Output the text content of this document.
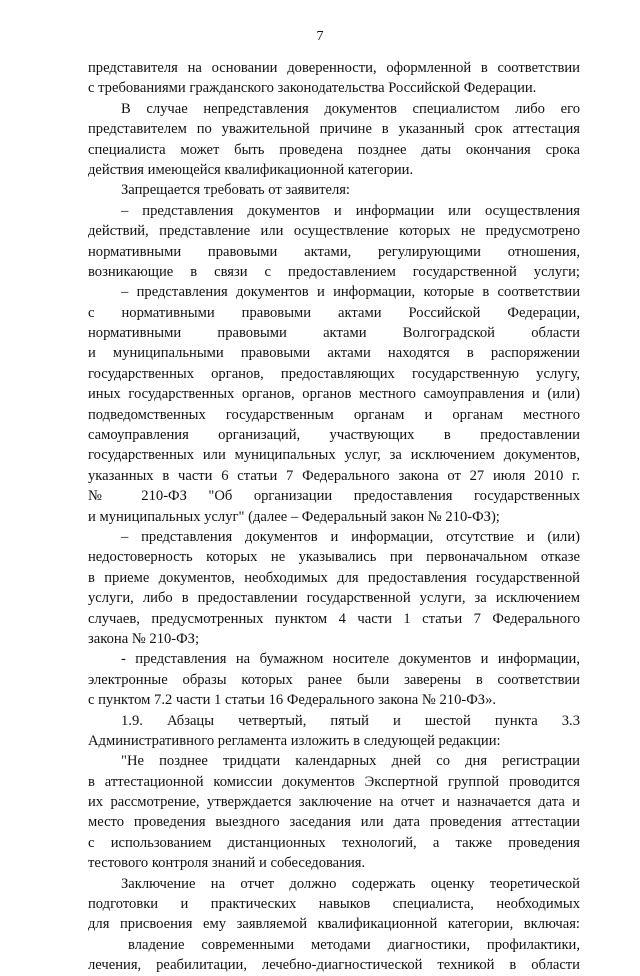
7
представителя на основании доверенности, оформленной в соответствии
с требованиями гражданского законодательства Российской Федерации.
В случае непредставления документов специалистом либо его
представителем по уважительной причине в указанный срок аттестация
специалиста может быть проведена позднее даты окончания срока
действия имеющейся квалификационной категории.
Запрещается требовать от заявителя:
– представления документов и информации или осуществления
действий, представление или осуществление которых не предусмотрено
нормативными правовыми актами, регулирующими отношения,
возникающие в связи с предоставлением государственной услуги;
– представления документов и информации, которые в соответствии
с нормативными правовыми актами Российской Федерации,
нормативными правовыми актами Волгоградской области
и муниципальными правовыми актами находятся в распоряжении
государственных органов, предоставляющих государственную услугу,
иных государственных органов, органов местного самоуправления и (или)
подведомственных государственным органам и органам местного
самоуправления организаций, участвующих в предоставлении
государственных или муниципальных услуг, за исключением документов,
указанных в части 6 статьи 7 Федерального закона от 27 июля 2010 г.
№ 210-ФЗ "Об организации предоставления государственных
и муниципальных услуг" (далее – Федеральный закон № 210-ФЗ);
– представления документов и информации, отсутствие и (или)
недостоверность которых не указывались при первоначальном отказе
в приеме документов, необходимых для предоставления государственной
услуги, либо в предоставлении государственной услуги, за исключением
случаев, предусмотренных пунктом 4 части 1 статьи 7 Федерального
закона № 210-ФЗ;
- представления на бумажном носителе документов и информации,
электронные образы которых ранее были заверены в соответствии
с пунктом 7.2 части 1 статьи 16 Федерального закона № 210-ФЗ».
1.9. Абзацы четвертый, пятый и шестой пункта 3.3
Административного регламента изложить в следующей редакции:
"Не позднее тридцати календарных дней со дня регистрации
в аттестационной комиссии документов Экспертной группой проводится
их рассмотрение, утверждается заключение на отчет и назначается дата и
место проведения выездного заседания или дата проведения аттестации
с использованием дистанционных технологий, а также проведения
тестового контроля знаний и собеседования.
Заключение на отчет должно содержать оценку теоретической
подготовки и практических навыков специалиста, необходимых
для присвоения ему заявляемой квалификационной категории, включая:
владение современными методами диагностики, профилактики,
лечения, реабилитации, лечебно-диагностической техникой в области
